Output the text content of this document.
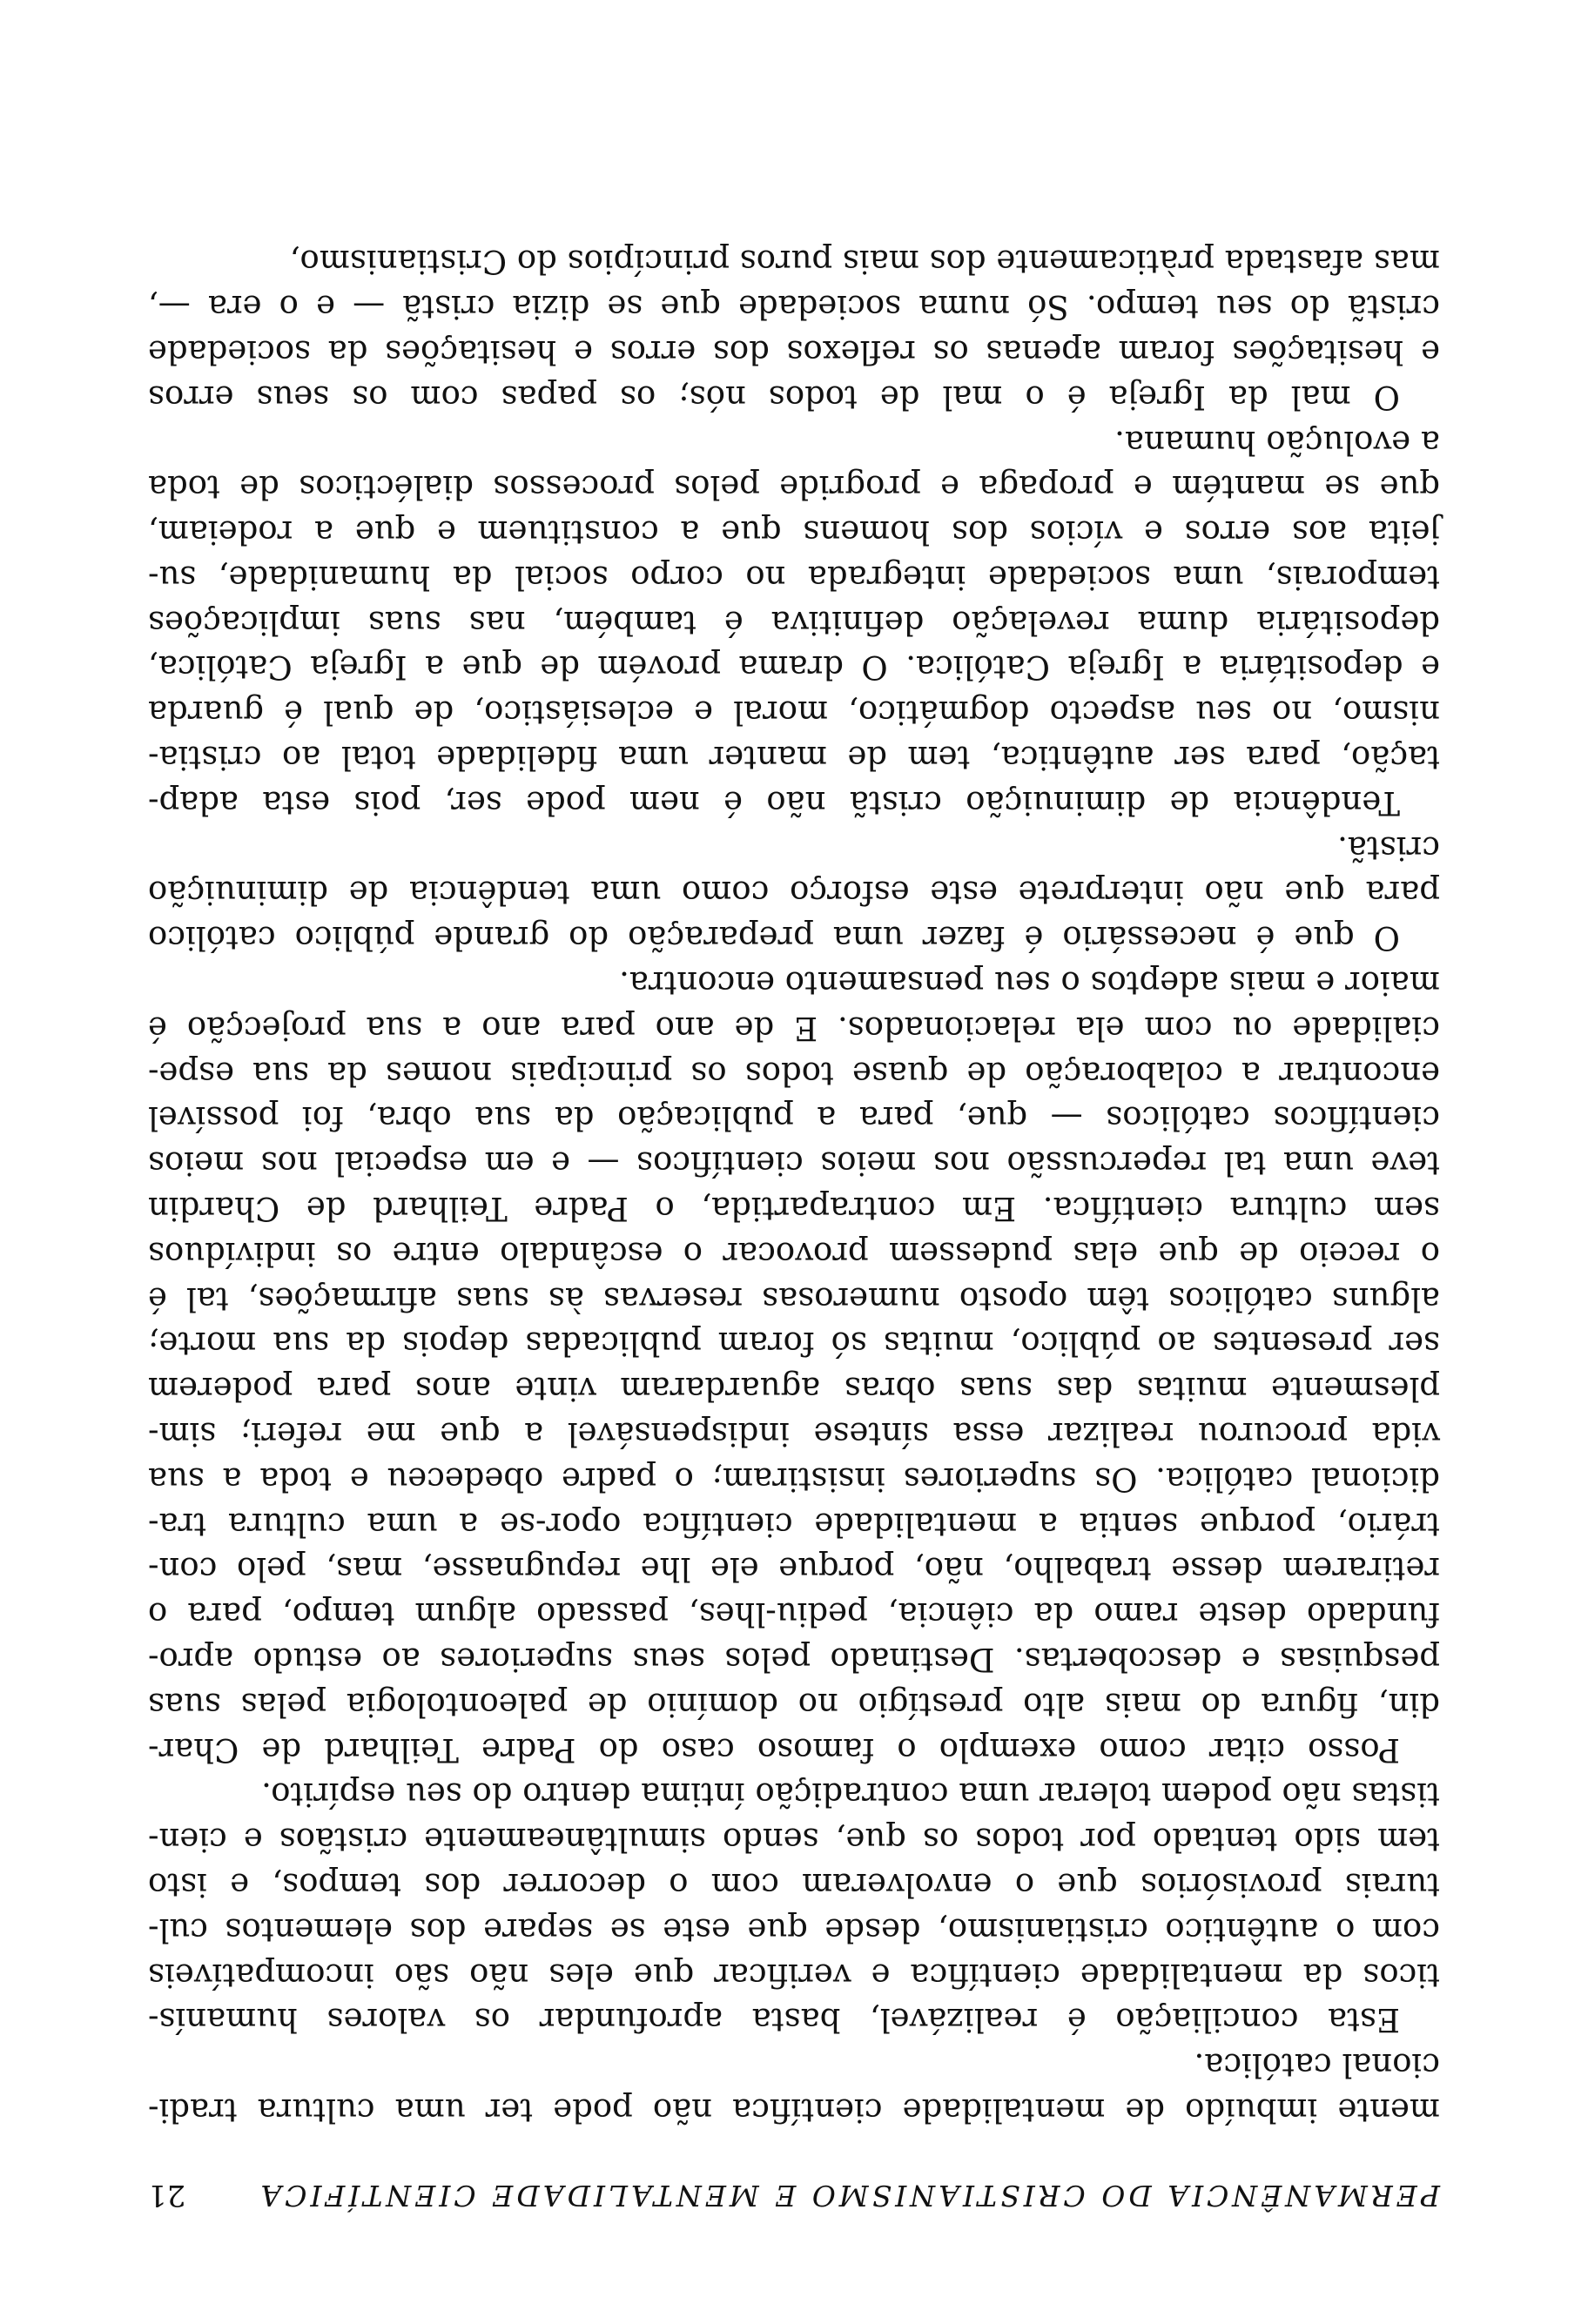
PERMANÊNCIA DO CRISTIANISMO E MENTALIDADE CIENTÍFICA
21
mente imbuído de mentalidade científica não pode ter uma cultura tradi-
cional católica.
Esta conciliação é realizável, basta aprofundar os valores humanís-
ticos da mentalidade científica e verificar que eles não são incompatíveis
com o autêntico cristianismo, desde que este se separe dos elementos cul-
turais provisórios que o envolveram com o decorrer dos tempos, e isto
tem sido tentado por todos os que, sendo simultâneamente cristãos e cien-
tistas não podem tolerar uma contradição íntima dentro do seu espírito.
Posso citar como exemplo o famoso caso do Padre Teilhard de Char-
din, figura do mais alto prestígio no domínio de paleontologia pelas suas
pesquisas e descobertas. Destinado pelos seus superiores ao estudo apro-
fundado deste ramo da ciência, pediu-lhes, passado algum tempo, para o
retirarem desse trabalho, não, porque ele lhe repugnasse, mas, pelo con-
trário, porque sentia a mentalidade científica opor-se a uma cultura tra-
dicional católica. Os superiores insistiram; o padre obedeceu e toda a sua
vida procurou realizar essa síntese indispensável a que me referi; sim-
plesmente muitas das suas obras aguardaram vinte anos para poderem
ser presentes ao público, muitas só foram publicadas depois da sua morte;
alguns católicos têm oposto numerosas reservas às suas afirmações, tal é
o receio de que elas pudessem provocar o escândalo entre os indivíduos
sem cultura científica. Em contrapartida, o Padre Teilhard de Chardin
teve uma tal repercussão nos meios científicos — e em especial nos meios
científicos católicos — que, para a publicação da sua obra, foi possível
encontrar a colaboração de quase todos os principais nomes da sua espe-
cialidade ou com ela relacionados. E de ano para ano a sua projecção é
maior e mais adeptos o seu pensamento encontra.
O que é necessário é fazer uma preparação do grande público católico
para que não interprete este esforço como uma tendência de diminuição
cristã.
Tendência de diminuição cristã não é nem pode ser, pois esta adap-
tação, para ser autêntica, tem de manter uma fidelidade total ao cristia-
nismo, no seu aspecto dogmático, moral e eclesiástico, de qual é guarda
e depositária a Igreja Católica. O drama provém de que a Igreja Católica,
depositária duma revelação definitiva é também, nas suas implicações
temporais, uma sociedade integrada no corpo social da humanidade, su-
jeita aos erros e vícios dos homens que a constituem e que a rodeiam,
que se mantém e propaga e progride pelos processos dialécticos de toda
a evolução humana.
O mal da Igreja é o mal de todos nós; os papas com os seus erros
e hesitações foram apenas os reflexos dos erros e hesitações da sociedade
cristã do seu tempo. Só numa sociedade que se dizia cristã — e o era —,
mas afastada pràticamente dos mais puros princípios do Cristianismo,
